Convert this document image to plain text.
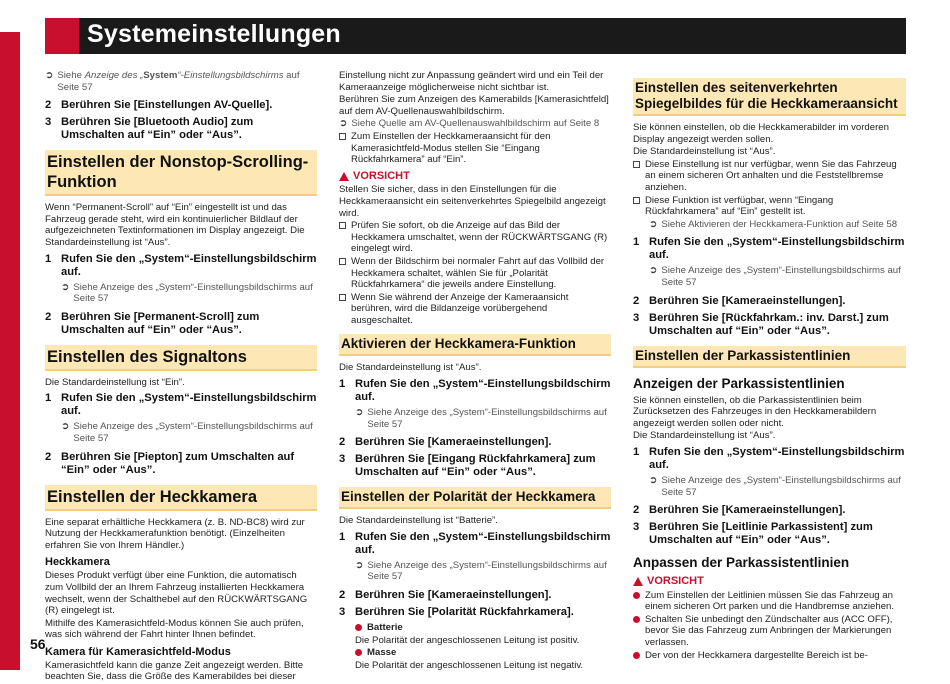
Systemeinstellungen
➲ Siehe Anzeige des „System“-Einstellungsbildschirms auf Seite 57
2 Berühren Sie [Einstellungen AV-Quelle].
3 Berühren Sie [Bluetooth Audio] zum Umschalten auf “Ein” oder “Aus”.
Einstellen der Nonstop-Scrolling-Funktion

Wenn “Permanent-Scroll” auf “Ein” eingestellt ist und das Fahrzeug gerade steht, wird ein kontinuierlicher Bildlauf der aufgezeichneten Textinformationen im Display angezeigt. Die Standardeinstellung ist “Aus”.

1 Rufen Sie den „System“-Einstellungsbildschirm auf.
➲ Siehe Anzeige des „System“-Einstellungsbildschirms auf Seite 57
2 Berühren Sie [Permanent-Scroll] zum Umschalten auf “Ein” oder “Aus”.
Einstellen des Signaltons

Die Standardeinstellung ist “Ein”.

1 Rufen Sie den „System“-Einstellungsbildschirm auf.
➲ Siehe Anzeige des „System“-Einstellungsbildschirms auf Seite 57
2 Berühren Sie [Piepton] zum Umschalten auf “Ein” oder “Aus”.
Einstellen der Heckkamera

Eine separat erhältliche Heckkamera (z. B. ND-BC8) wird zur Nutzung der Heckkamerafunktion benötigt. (Einzelheiten erfahren Sie von Ihrem Händler.)

Heckkamera

Dieses Produkt verfügt über eine Funktion, die automatisch zum Vollbild der an Ihrem Fahrzeug installierten Heckkamera wechselt, wenn der Schalthebel auf den RÜCKWÄRTSGANG (R) eingelegt ist.

Mithilfe des Kamerasichtfeld-Modus können Sie auch prüfen, was sich während der Fahrt hinter Ihnen befindet.

Kamera für Kamerasichtfeld-Modus

Kamerasichtfeld kann die ganze Zeit angezeigt werden. Bitte beachten Sie, dass die Größe des Kamerabildes bei dieser

Einstellung nicht zur Anpassung geändert wird und ein Teil der Kameraanzeige möglicherweise nicht sichtbar ist.

Berühren Sie zum Anzeigen des Kamerabilds [Kamerasichtfeld] auf dem AV-Quellenauswahlbildschirm.

➲ Siehe Quelle am AV-Quellenauswahlbildschirm auf Seite 8
Zum Einstellen der Heckkameraansicht für den Kamerasichtfeld-Modus stellen Sie “Eingang Rückfahrkamera” auf “Ein”.
VORSICHT

Stellen Sie sicher, dass in den Einstellungen für die Heckkameraansicht ein seitenverkehrtes Spiegelbild angezeigt wird.

Prüfen Sie sofort, ob die Anzeige auf das Bild der Heckkamera umschaltet, wenn der RÜCKWÄRTSGANG (R) eingelegt wird.
Wenn der Bildschirm bei normaler Fahrt auf das Vollbild der Heckkamera schaltet, wählen Sie für „Polarität Rückfahrkamera“ die jeweils andere Einstellung.
Wenn Sie während der Anzeige der Kameraansicht berühren, wird die Bildanzeige vorübergehend ausgeschaltet.
Aktivieren der Heckkamera-Funktion

Die Standardeinstellung ist “Aus”.

1 Rufen Sie den „System“-Einstellungsbildschirm auf.
➲ Siehe Anzeige des „System“-Einstellungsbildschirms auf Seite 57
2 Berühren Sie [Kameraeinstellungen].
3 Berühren Sie [Eingang Rückfahrkamera] zum Umschalten auf “Ein” oder “Aus”.
Einstellen der Polarität der Heckkamera

Die Standardeinstellung ist “Batterie”.

1 Rufen Sie den „System“-Einstellungsbildschirm auf.
➲ Siehe Anzeige des „System“-Einstellungsbildschirms auf Seite 57
2 Berühren Sie [Kameraeinstellungen].
3 Berühren Sie [Polarität Rückfahrkamera].
Batterie

Die Polarität der angeschlossenen Leitung ist positiv.

Masse

Die Polarität der angeschlossenen Leitung ist negativ.

Einstellen des seitenverkehrten Spiegelbildes für die Heckkameraansicht

Sie können einstellen, ob die Heckkamerabilder im vorderen Display angezeigt werden sollen.

Die Standardeinstellung ist “Aus”.

Diese Einstellung ist nur verfügbar, wenn Sie das Fahrzeug an einem sicheren Ort anhalten und die Feststellbremse anziehen.
Diese Funktion ist verfügbar, wenn “Eingang Rückfahrkamera” auf “Ein” gestellt ist.
➲ Siehe Aktivieren der Heckkamera-Funktion auf Seite 58
1 Rufen Sie den „System“-Einstellungsbildschirm auf.
➲ Siehe Anzeige des „System“-Einstellungsbildschirms auf Seite 57
2 Berühren Sie [Kameraeinstellungen].
3 Berühren Sie [Rückfahrkam.: inv. Darst.] zum Umschalten auf “Ein” oder “Aus”.
Einstellen der Parkassistentlinien
Anzeigen der Parkassistentlinien

Sie können einstellen, ob die Parkassistentlinien beim Zurücksetzen des Fahrzeuges in den Heckkamerabildern angezeigt werden sollen oder nicht.

Die Standardeinstellung ist “Aus”.

1 Rufen Sie den „System“-Einstellungsbildschirm auf.
➲ Siehe Anzeige des „System“-Einstellungsbildschirms auf Seite 57
2 Berühren Sie [Kameraeinstellungen].
3 Berühren Sie [Leitlinie Parkassistent] zum Umschalten auf “Ein” oder “Aus”.
Anpassen der Parkassistentlinien
VORSICHT
Zum Einstellen der Leitlinien müssen Sie das Fahrzeug an einem sicheren Ort parken und die Handbremse anziehen.
Schalten Sie unbedingt den Zündschalter aus (ACC OFF), bevor Sie das Fahrzeug zum Anbringen der Markierungen verlassen.
Der von der Heckkamera dargestellte Bereich ist be-
56
